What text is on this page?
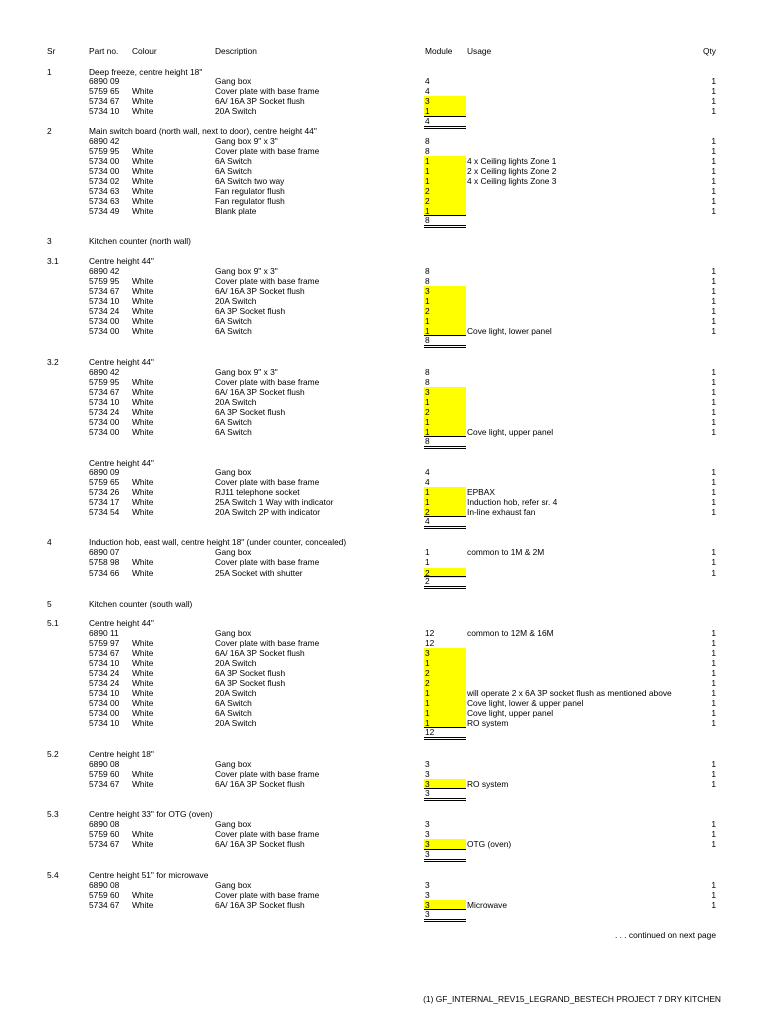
Sr	Part no. Colour	Description	Module Usage	Qty
1	Deep freeze, centre height 18"
6890 09	Gang box	4	1
5759 65 White	Cover plate with base frame	4	1
5734 67 White	6A/ 16A 3P Socket flush	3	1
5734 10 White	20A Switch	1	1
4
2	Main switch board (north wall, next to door), centre height 44"
6890 42	Gang box 9" x 3"	8	1
5759 95 White	Cover plate with base frame	8	1
5734 00 White	6A Switch	1	4 x Ceiling lights Zone 1	1
5734 00 White	6A Switch	1	2 x Ceiling lights Zone 2	1
5734 02 White	6A Switch two way	1	4 x Ceiling lights Zone 3	1
5734 63 White	Fan regulator flush	2	1
5734 63 White	Fan regulator flush	2	1
5734 49 White	Blank plate	1	1
8
3	Kitchen counter (north wall)
3.1	Centre height 44"
6890 42	Gang box 9" x 3"	8	1
5759 95 White	Cover plate with base frame	8	1
5734 67 White	6A/ 16A 3P Socket flush	3	1
5734 10 White	20A Switch	1	1
5734 24 White	6A 3P Socket flush	2	1
5734 00 White	6A Switch	1	1
5734 00 White	6A Switch	1	Cove light, lower panel	1
8
3.2	Centre height 44"
6890 42	Gang box 9" x 3"	8	1
5759 95 White	Cover plate with base frame	8	1
5734 67 White	6A/ 16A 3P Socket flush	3	1
5734 10 White	20A Switch	1	1
5734 24 White	6A 3P Socket flush	2	1
5734 00 White	6A Switch	1	1
5734 00 White	6A Switch	1	Cove light, upper panel	1
8
Centre height 44"
6890 09	Gang box	4	1
5759 65 White	Cover plate with base frame	4	1
5734 26 White	RJ11 telephone socket	1	EPBAX	1
5734 17 White	25A Switch 1 Way with indicator	1	Induction hob, refer sr. 4	1
5734 54 White	20A Switch 2P with indicator	2	In-line exhaust fan	1
4
4	Induction hob, east wall, centre height 18" (under counter, concealed)
6890 07	Gang box	1	common to 1M & 2M	1
5758 98 White	Cover plate with base frame	1	1
5734 66 White	25A Socket with shutter	2	1
2
5	Kitchen counter (south wall)
5.1	Centre height 44"
6890 11	Gang box	12	common to 12M & 16M	1
5759 97 White	Cover plate with base frame	12	1
5734 67 White	6A/ 16A 3P Socket flush	3	1
5734 10 White	20A Switch	1	1
5734 24 White	6A 3P Socket flush	2	1
5734 24 White	6A 3P Socket flush	2	1
5734 10 White	20A Switch	1	will operate 2 x 6A 3P socket flush as mentioned above	1
5734 00 White	6A Switch	1	Cove light, lower & upper panel	1
5734 00 White	6A Switch	1	Cove light, upper panel	1
5734 10 White	20A Switch	1	RO system	1
12
5.2	Centre height 18"
6890 08	Gang box	3	1
5759 60 White	Cover plate with base frame	3	1
5734 67 White	6A/ 16A 3P Socket flush	3	RO system	1
3
5.3	Centre height 33" for OTG (oven)
6890 08	Gang box	3	1
5759 60 White	Cover plate with base frame	3	1
5734 67 White	6A/ 16A 3P Socket flush	3	OTG (oven)	1
3
5.4	Centre height 51" for microwave
6890 08	Gang box	3	1
5759 60 White	Cover plate with base frame	3	1
5734 67 White	6A/ 16A 3P Socket flush	3	Microwave	1
3
. . . continued on next page
(1) GF_INTERNAL_REV15_LEGRAND_BESTECH PROJECT 7 DRY KITCHEN
